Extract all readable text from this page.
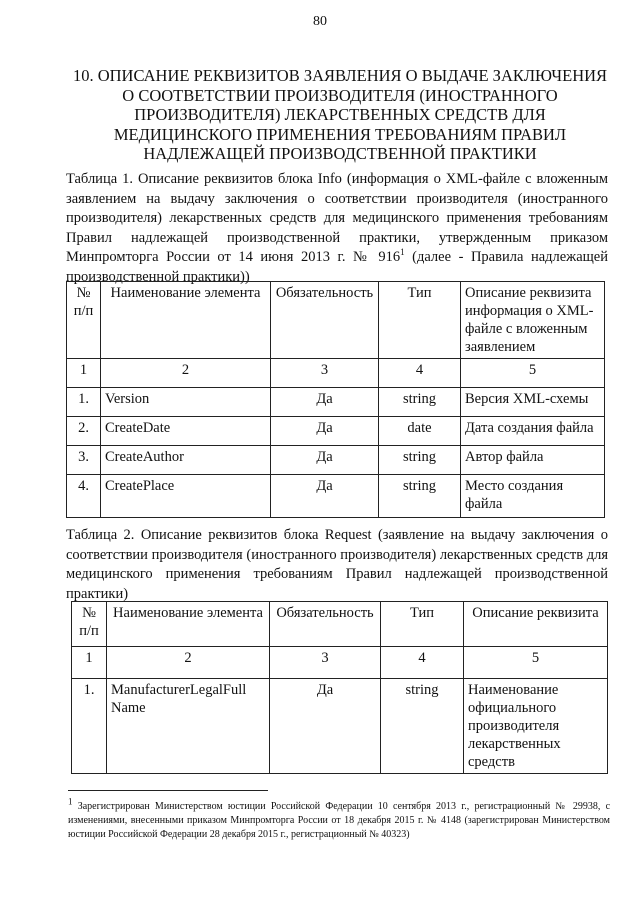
80
10. ОПИСАНИЕ РЕКВИЗИТОВ ЗАЯВЛЕНИЯ О ВЫДАЧЕ ЗАКЛЮЧЕНИЯ О СООТВЕТСТВИИ ПРОИЗВОДИТЕЛЯ (ИНОСТРАННОГО ПРОИЗВОДИТЕЛЯ) ЛЕКАРСТВЕННЫХ СРЕДСТВ ДЛЯ МЕДИЦИНСКОГО ПРИМЕНЕНИЯ ТРЕБОВАНИЯМ ПРАВИЛ НАДЛЕЖАЩЕЙ ПРОИЗВОДСТВЕННОЙ ПРАКТИКИ
Таблица 1. Описание реквизитов блока Info (информация о XML-файле с вложенным заявлением на выдачу заключения о соответствии производителя (иностранного производителя) лекарственных средств для медицинского применения требованиям Правил надлежащей производственной практики, утвержденным приказом Минпромторга России от 14 июня 2013 г. № $916^1$ (далее - Правила надлежащей производственной практики))
№ п/п	Наименование элемента	Обязательность	Тип	Описание реквизита информация о XML-файле с вложенным заявлением
1	2	3	4	5
1.	Version	Да	string	Версия XML-схемы
2.	CreateDate	Да	date	Дата создания файла
3.	CreateAuthor	Да	string	Автор файла
4.	CreatePlace	Да	string	Место создания файла
Таблица 2. Описание реквизитов блока Request (заявление на выдачу заключения о соответствии производителя (иностранного производителя) лекарственных средств для медицинского применения требованиям Правил надлежащей производственной практики)
№ п/п	Наименование элемента	Обязательность	Тип	Описание реквизита
1	2	3	4	5
1.	ManufacturerLegalFull Name	Да	string	Наименование официального производителя лекарственных средств
$^1$ Зарегистрирован Министерством юстиции Российской Федерации 10 сентября 2013 г., регистрационный № 29938, с изменениями, внесенными приказом Минпромторга России от 18 декабря 2015 г. № 4148 (зарегистрирован Министерством юстиции Российской Федерации 28 декабря 2015 г., регистрационный № 40323)
